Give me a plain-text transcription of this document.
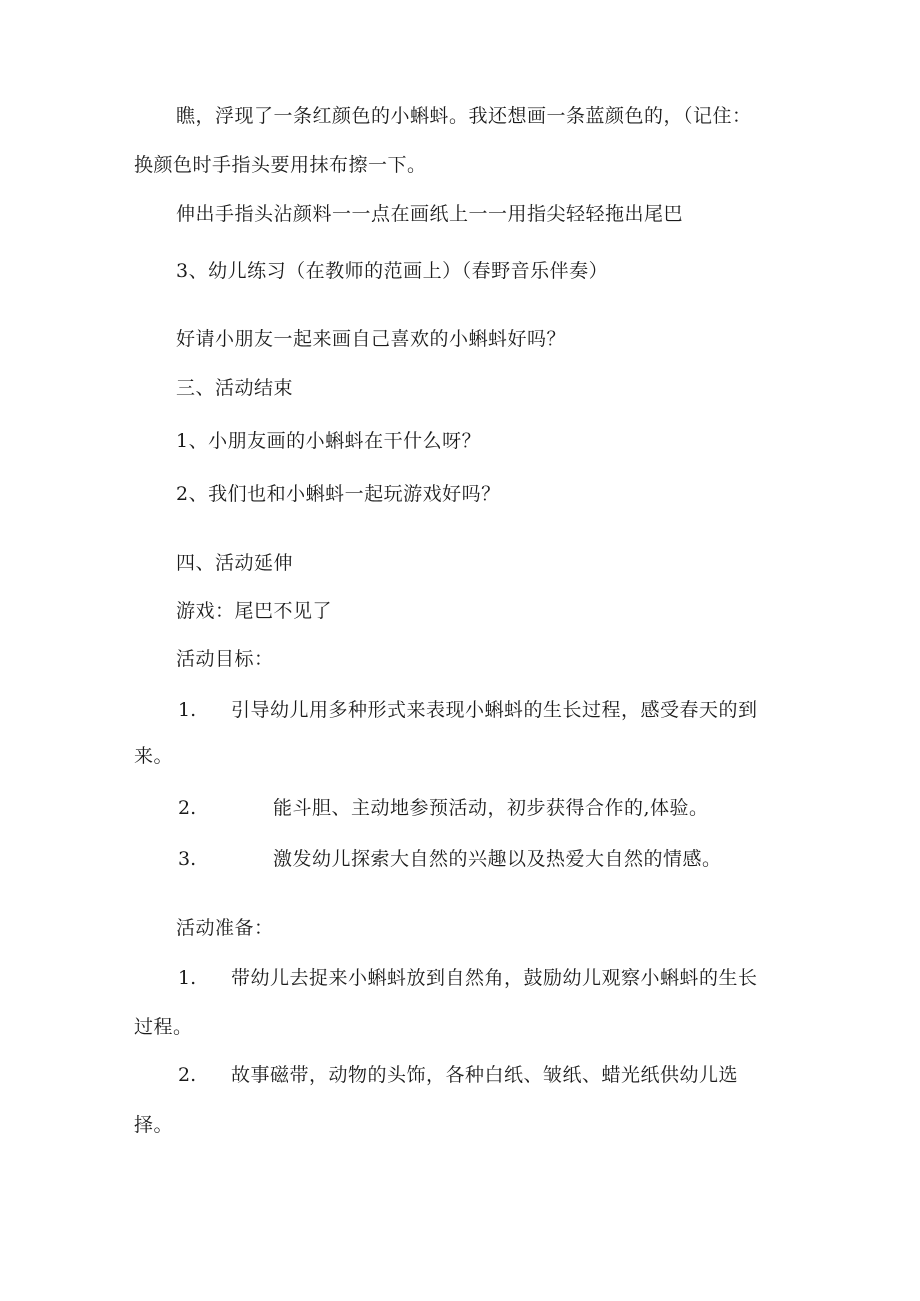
瞧，浮现了一条红颜色的小蝌蚪。我还想画一条蓝颜色的，（记住：
换颜色时手指头要用抹布擦一下。
伸出手指头沾颜料一一点在画纸上一一用指尖轻轻拖出尾巴
3、幼儿练习（在教师的范画上）（春野音乐伴奏）
好请小朋友一起来画自己喜欢的小蝌蚪好吗？
三、活动结束
1、小朋友画的小蝌蚪在干什么呀？
2、我们也和小蝌蚪一起玩游戏好吗？
四、活动延伸
游戏：尾巴不见了
活动目标：
1. 引导幼儿用多种形式来表现小蝌蚪的生长过程，感受春天的到
来。
2.	能斗胆、主动地参预活动，初步获得合作的,体验。
3.	激发幼儿探索大自然的兴趣以及热爱大自然的情感。
活动准备：
1. 带幼儿去捉来小蝌蚪放到自然角，鼓励幼儿观察小蝌蚪的生长
过程。
2. 故事磁带，动物的头饰，各种白纸、皱纸、蜡光纸供幼儿选
择。
